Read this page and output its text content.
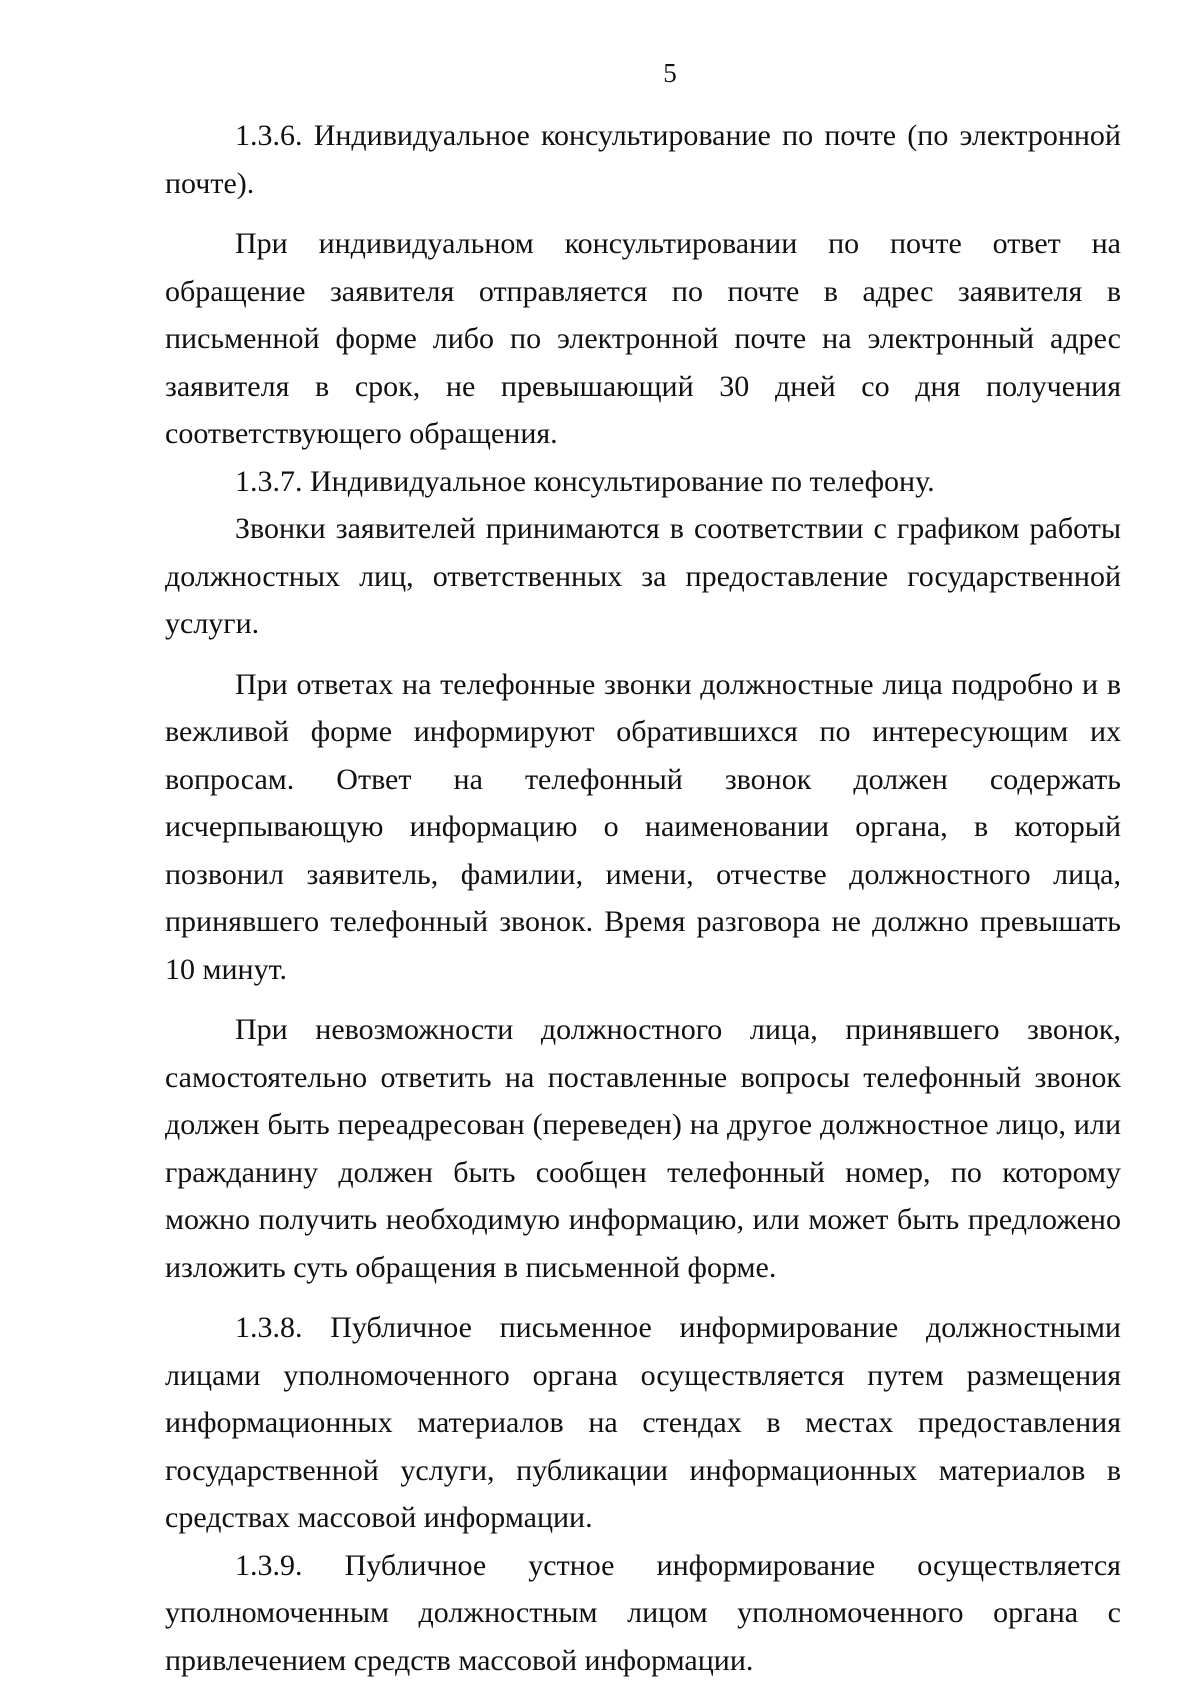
5

1.3.6. Индивидуальное консультирование по почте (по электронной почте).

При индивидуальном консультировании по почте ответ на обращение заявителя отправляется по почте в адрес заявителя в письменной форме либо по электронной почте на электронный адрес заявителя в срок, не превышающий 30 дней со дня получения соответствующего обращения.

1.3.7. Индивидуальное консультирование по телефону.

Звонки заявителей принимаются в соответствии с графиком работы должностных лиц, ответственных за предоставление государственной услуги.

При ответах на телефонные звонки должностные лица подробно и в вежливой форме информируют обратившихся по интересующим их вопросам. Ответ на телефонный звонок должен содержать исчерпывающую информацию о наименовании органа, в который позвонил заявитель, фамилии, имени, отчестве должностного лица, принявшего телефонный звонок. Время разговора не должно превышать 10 минут.

При невозможности должностного лица, принявшего звонок, самостоятельно ответить на поставленные вопросы телефонный звонок должен быть переадресован (переведен) на другое должностное лицо, или гражданину должен быть сообщен телефонный номер, по которому можно получить необходимую информацию, или может быть предложено изложить суть обращения в письменной форме.

1.3.8. Публичное письменное информирование должностными лицами уполномоченного органа осуществляется путем размещения информационных материалов на стендах в местах предоставления государственной услуги, публикации информационных материалов в средствах массовой информации.

1.3.9. Публичное устное информирование осуществляется уполномоченным должностным лицом уполномоченного органа с привлечением средств массовой информации.
